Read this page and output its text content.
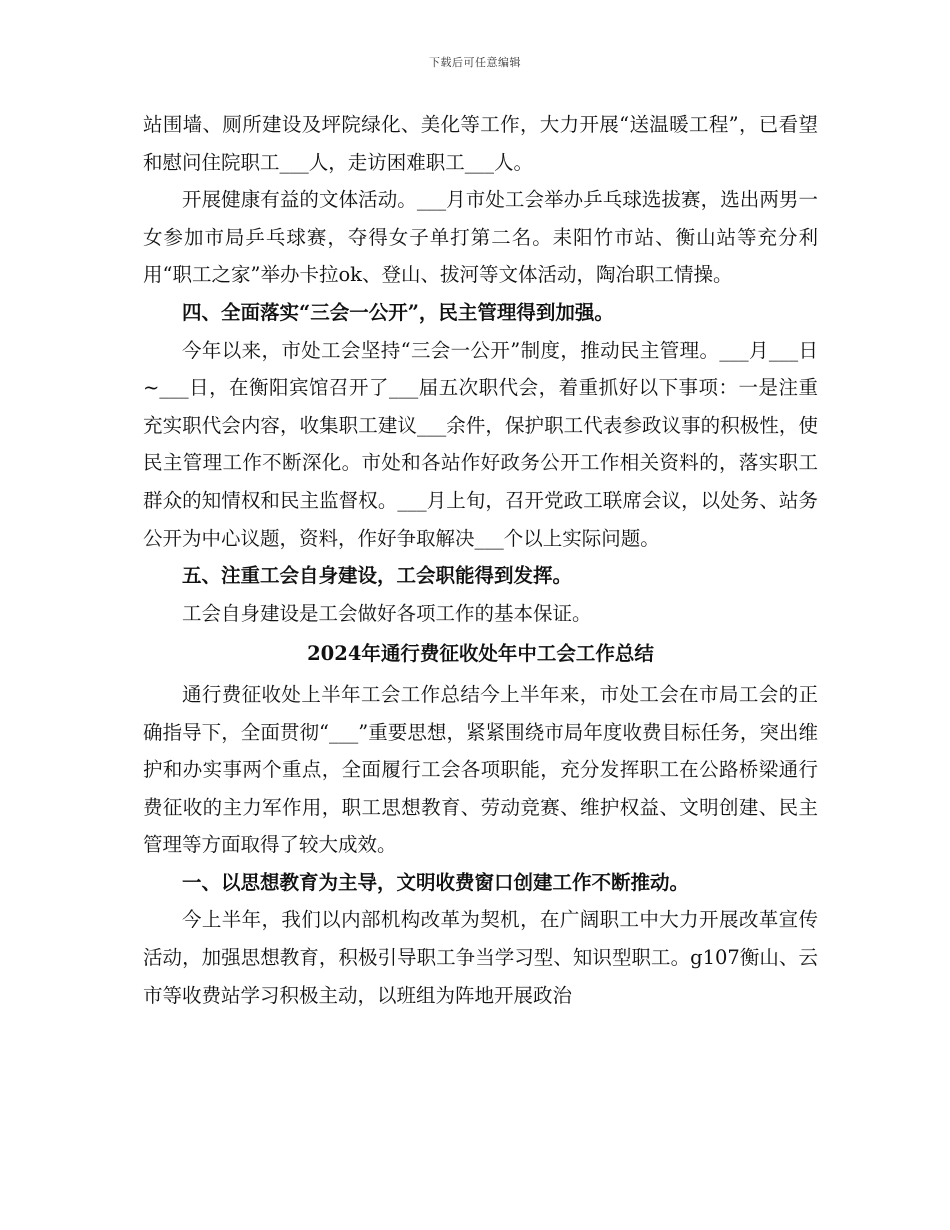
下载后可任意编辑

站围墙、厕所建设及坪院绿化、美化等工作，大力开展“送温暖工程”，已看望和慰问住院职工___人，走访困难职工___人。

开展健康有益的文体活动。___月市处工会举办乒乓球选拔赛，选出两男一女参加市局乒乓球赛，夺得女子单打第二名。耒阳竹市站、衡山站等充分利用“职工之家”举办卡拉ok、登山、拔河等文体活动，陶冶职工情操。

四、全面落实“三会一公开”，民主管理得到加强。

今年以来，市处工会坚持“三会一公开”制度，推动民主管理。___月___日~___日，在衡阳宾馆召开了___届五次职代会，着重抓好以下事项：一是注重充实职代会内容，收集职工建议___余件，保护职工代表参政议事的积极性，使民主管理工作不断深化。市处和各站作好政务公开工作相关资料的，落实职工群众的知情权和民主监督权。___月上旬，召开党政工联席会议，以处务、站务公开为中心议题，资料，作好争取解决___个以上实际问题。

五、注重工会自身建设，工会职能得到发挥。

工会自身建设是工会做好各项工作的基本保证。

2024年通行费征收处年中工会工作总结

通行费征收处上半年工会工作总结今上半年来，市处工会在市局工会的正确指导下，全面贯彻“___”重要思想，紧紧围绕市局年度收费目标任务，突出维护和办实事两个重点，全面履行工会各项职能，充分发挥职工在公路桥梁通行费征收的主力军作用，职工思想教育、劳动竞赛、维护权益、文明创建、民主管理等方面取得了较大成效。

一、以思想教育为主导，文明收费窗口创建工作不断推动。

今上半年，我们以内部机构改革为契机，在广阔职工中大力开展改革宣传活动，加强思想教育，积极引导职工争当学习型、知识型职工。g107衡山、云市等收费站学习积极主动，以班组为阵地开展政治
